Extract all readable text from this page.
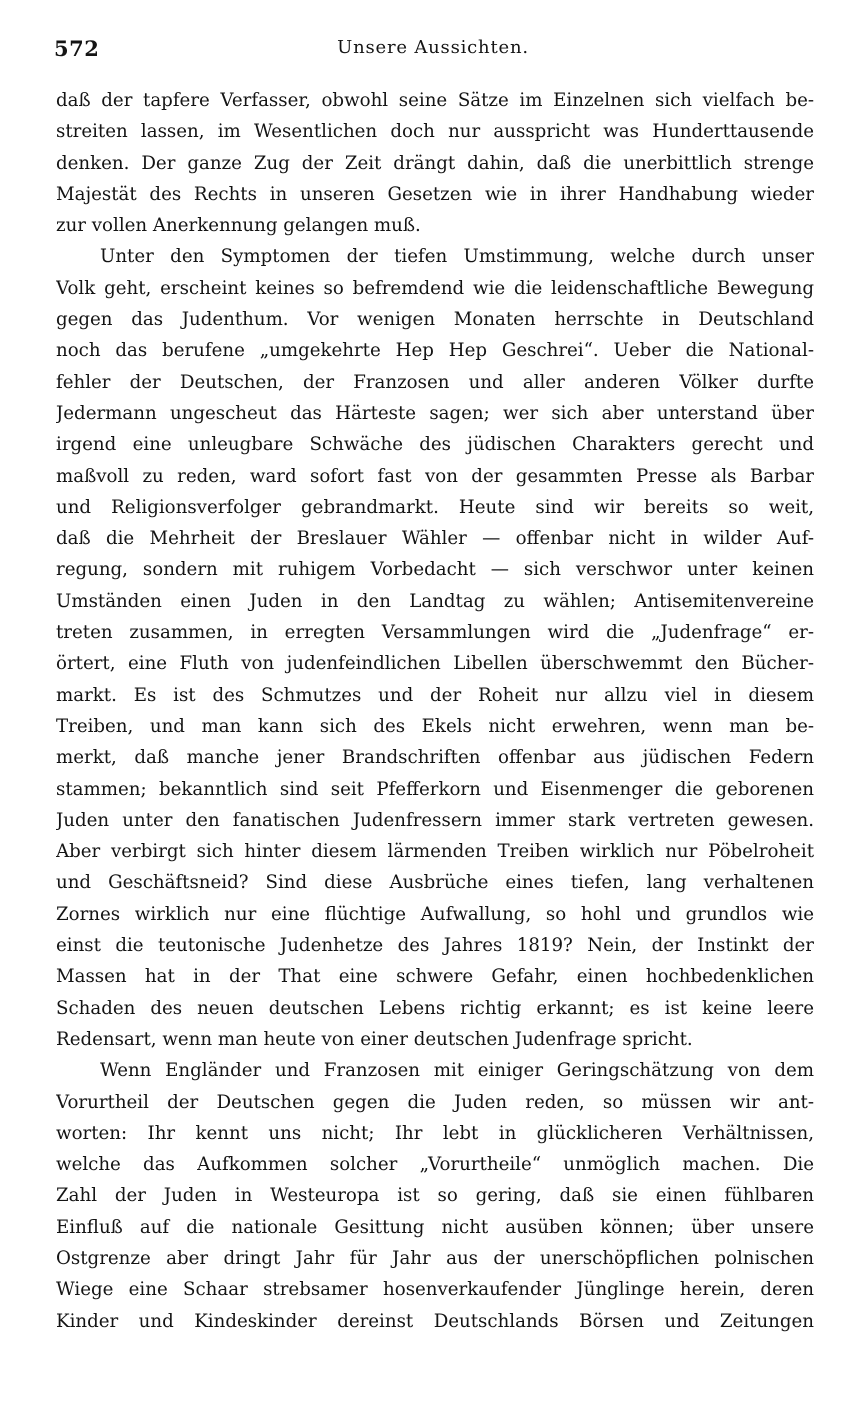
572	Unsere Aussichten.
daß der tapfere Verfasser, obwohl seine Sätze im Einzelnen sich vielfach be-
streiten lassen, im Wesentlichen doch nur ausspricht was Hunderttausende
denken. Der ganze Zug der Zeit drängt dahin, daß die unerbittlich strenge
Majestät des Rechts in unseren Gesetzen wie in ihrer Handhabung wieder
zur vollen Anerkennung gelangen muß.
Unter den Symptomen der tiefen Umstimmung, welche durch unser
Volk geht, erscheint keines so befremdend wie die leidenschaftliche Bewegung
gegen das Judenthum. Vor wenigen Monaten herrschte in Deutschland
noch das berufene „umgekehrte Hep Hep Geschrei“. Ueber die National-
fehler der Deutschen, der Franzosen und aller anderen Völker durfte
Jedermann ungescheut das Härteste sagen; wer sich aber unterstand über
irgend eine unleugbare Schwäche des jüdischen Charakters gerecht und
maßvoll zu reden, ward sofort fast von der gesammten Presse als Barbar
und Religionsverfolger gebrandmarkt. Heute sind wir bereits so weit,
daß die Mehrheit der Breslauer Wähler — offenbar nicht in wilder Auf-
regung, sondern mit ruhigem Vorbedacht — sich verschwor unter keinen
Umständen einen Juden in den Landtag zu wählen; Antisemitenvereine
treten zusammen, in erregten Versammlungen wird die „Judenfrage“ er-
örtert, eine Fluth von judenfeindlichen Libellen überschwemmt den Bücher-
markt. Es ist des Schmutzes und der Roheit nur allzu viel in diesem
Treiben, und man kann sich des Ekels nicht erwehren, wenn man be-
merkt, daß manche jener Brandschriften offenbar aus jüdischen Federn
stammen; bekanntlich sind seit Pfefferkorn und Eisenmenger die geborenen
Juden unter den fanatischen Judenfressern immer stark vertreten gewesen.
Aber verbirgt sich hinter diesem lärmenden Treiben wirklich nur Pöbelroheit
und Geschäftsneid? Sind diese Ausbrüche eines tiefen, lang verhaltenen
Zornes wirklich nur eine flüchtige Aufwallung, so hohl und grundlos wie
einst die teutonische Judenhetze des Jahres 1819? Nein, der Instinkt der
Massen hat in der That eine schwere Gefahr, einen hochbedenklichen
Schaden des neuen deutschen Lebens richtig erkannt; es ist keine leere
Redensart, wenn man heute von einer deutschen Judenfrage spricht.
Wenn Engländer und Franzosen mit einiger Geringschätzung von dem
Vorurtheil der Deutschen gegen die Juden reden, so müssen wir ant-
worten: Ihr kennt uns nicht; Ihr lebt in glücklicheren Verhältnissen,
welche das Aufkommen solcher „Vorurtheile“ unmöglich machen. Die
Zahl der Juden in Westeuropa ist so gering, daß sie einen fühlbaren
Einfluß auf die nationale Gesittung nicht ausüben können; über unsere
Ostgrenze aber dringt Jahr für Jahr aus der unerschöpflichen polnischen
Wiege eine Schaar strebsamer hosenverkaufender Jünglinge herein, deren
Kinder und Kindeskinder dereinst Deutschlands Börsen und Zeitungen
